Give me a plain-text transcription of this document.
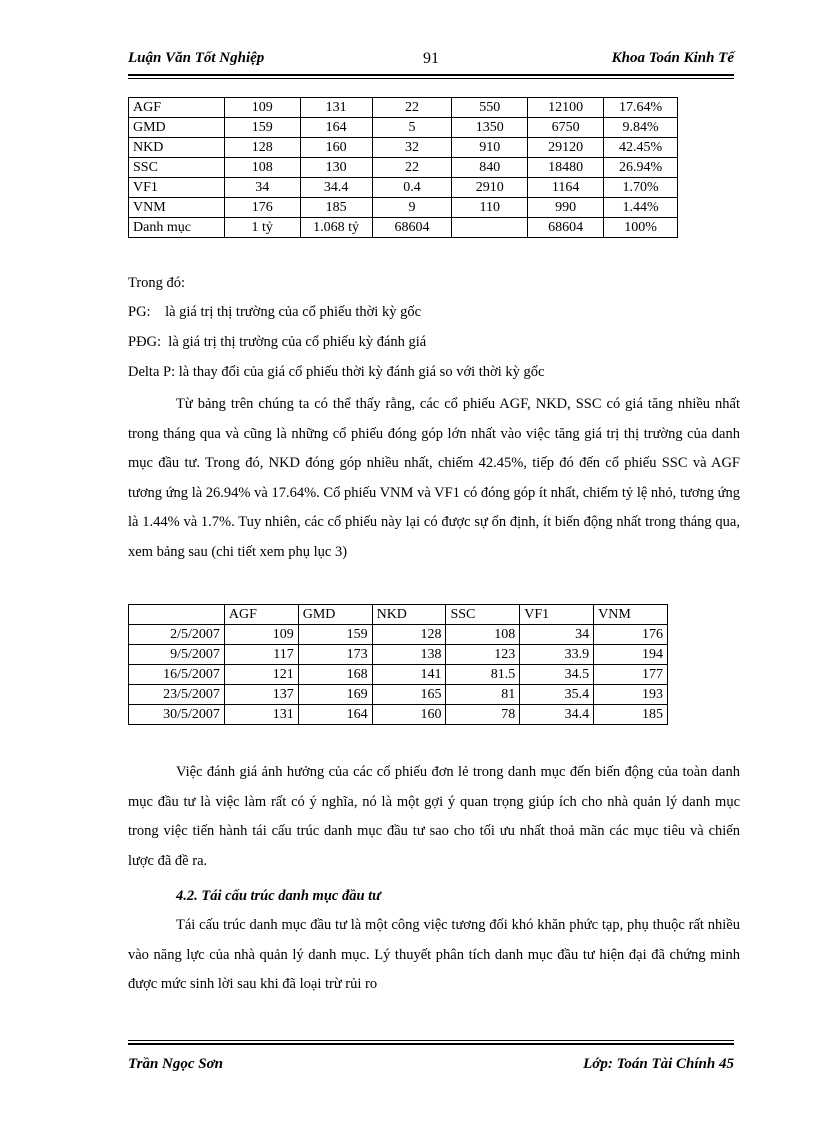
Luận Văn Tốt Nghiệp	91	Khoa Toán Kinh Tế
AGF	109	131	22	550	12100	17.64%
GMD	159	164	5	1350	6750	9.84%
NKD	128	160	32	910	29120	42.45%
SSC	108	130	22	840	18480	26.94%
VF1	34	34.4	0.4	2910	1164	1.70%
VNM	176	185	9	110	990	1.44%
Danh mục	1 tỷ	1.068 tỷ	68604		68604	100%
Trong đó:
PG:    là giá trị thị trường của cổ phiếu thời kỳ gốc
PĐG:  là giá trị thị trường của cổ phiếu kỳ đánh giá
Delta P: là thay đổi của giá cổ phiếu thời kỳ đánh giá so với thời kỳ gốc
Từ bảng trên chúng ta có thể thấy rằng, các cổ phiếu AGF, NKD, SSC có giá tăng nhiều nhất trong tháng qua và cũng là những cổ phiếu đóng góp lớn nhất vào việc tăng giá trị thị trường của danh mục đầu tư. Trong đó, NKD đóng góp nhiều nhất, chiếm 42.45%, tiếp đó đến cổ phiếu SSC và AGF tương ứng là 26.94% và 17.64%. Cổ phiếu VNM và VF1 có đóng góp ít nhất, chiếm tỷ lệ nhỏ, tương ứng là 1.44% và 1.7%. Tuy nhiên, các cổ phiếu này lại có được sự ổn định, ít biến động nhất trong tháng qua, xem bảng sau (chi tiết xem phụ lục 3)
	AGF	GMD	NKD	SSC	VF1	VNM
2/5/2007	109	159	128	108	34	176
9/5/2007	117	173	138	123	33.9	194
16/5/2007	121	168	141	81.5	34.5	177
23/5/2007	137	169	165	81	35.4	193
30/5/2007	131	164	160	78	34.4	185
Việc đánh giá ảnh hưởng của các cổ phiếu đơn lẻ trong danh mục đến biến động của toàn danh mục đầu tư là việc làm rất có ý nghĩa, nó là một gợi ý quan trọng giúp ích cho nhà quản lý danh mục trong việc tiến hành tái cấu trúc danh mục đầu tư sao cho tối ưu nhất thoả mãn các mục tiêu và chiến lược đã đề ra.
4.2. Tái cấu trúc danh mục đầu tư
Tái cấu trúc danh mục đầu tư là một công việc tương đối khó khăn phức tạp, phụ thuộc rất nhiều vào năng lực của nhà quản lý danh mục. Lý thuyết phân tích danh mục đầu tư hiện đại đã chứng minh được mức sinh lời sau khi đã loại trừ rủi ro
Trần Ngọc Sơn	Lớp: Toán Tài Chính 45
